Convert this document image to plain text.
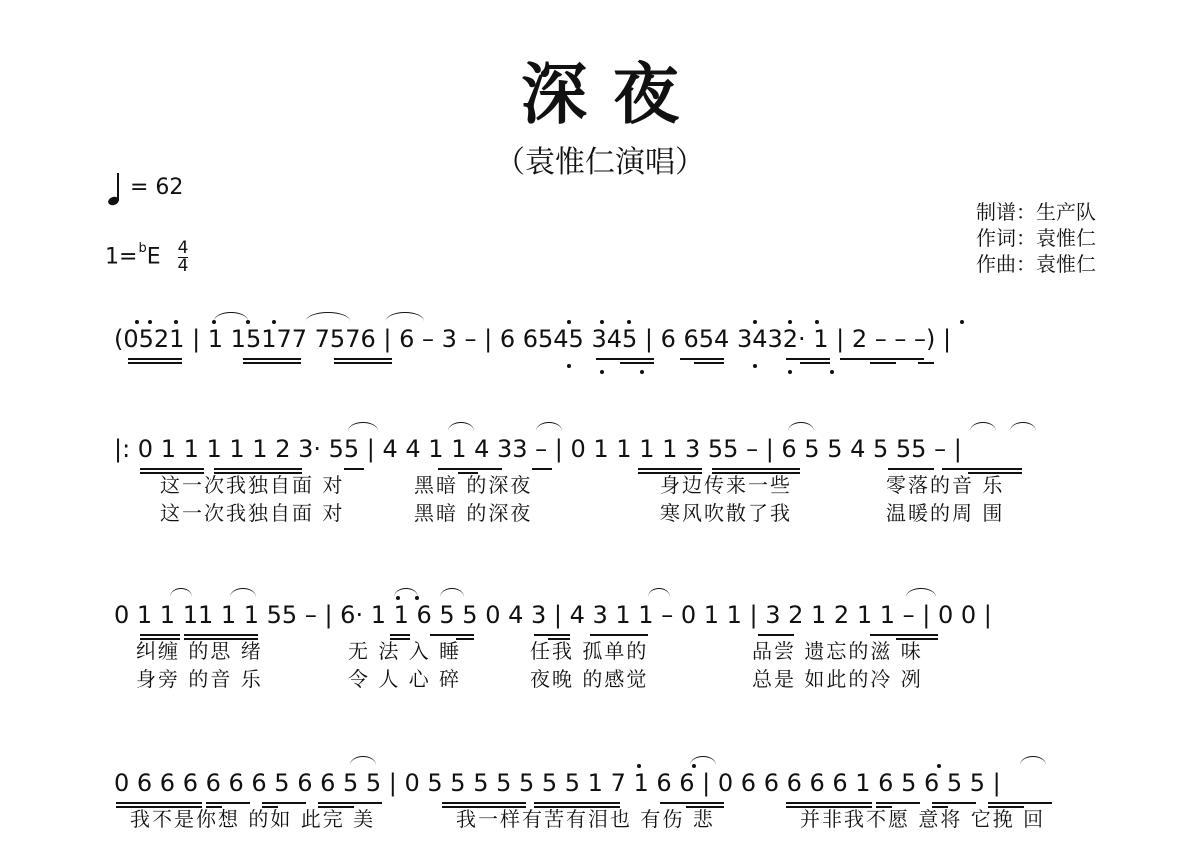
深夜
（袁惟仁演唱）
= 62
$1=^bE \frac{4}{4}$
制谱：生产队
作词：袁惟仁
作曲：袁惟仁
(0521 | 1 15177 7576 | 6 – 3 – | 6 6545 345 | 6 654 3432· 1 | 2 – – –) |
|: 0 1 1 1 1 1 2 3· 55 | 4 4 1 1 4 33 – | 0 1 1 1 1 3 55 – | 6 5 5 4 5 55 – |
这一次我独自面 对	黑暗 的深夜	身边传来一些	零落的音 乐
这一次我独自面 对	黑暗 的深夜	寒风吹散了我	温暖的周 围
0 1 1 11 1 1 55 – | 6· 1 1 6 5 5 0 4 3 | 4 3 1 1 – 0 1 1 | 3 2 1 2 1 1 – | 0 0 |
纠缠 的思 绪	无 法 入 睡	任我 孤单的	品尝 遗忘的滋 味
身旁 的音 乐	令 人 心 碎	夜晚 的感觉	总是 如此的冷 冽
0 6 6 6 6 6 6 5 6 6 5 5 | 0 5 5 5 5 5 5 5 1 7 1 6 6 | 0 6 6 6 6 6 1 6 5 6 5 5 |
我不是你想 的如 此完 美	我一样有苦有泪也 有伤 悲	并非我不愿 意将 它挽 回
